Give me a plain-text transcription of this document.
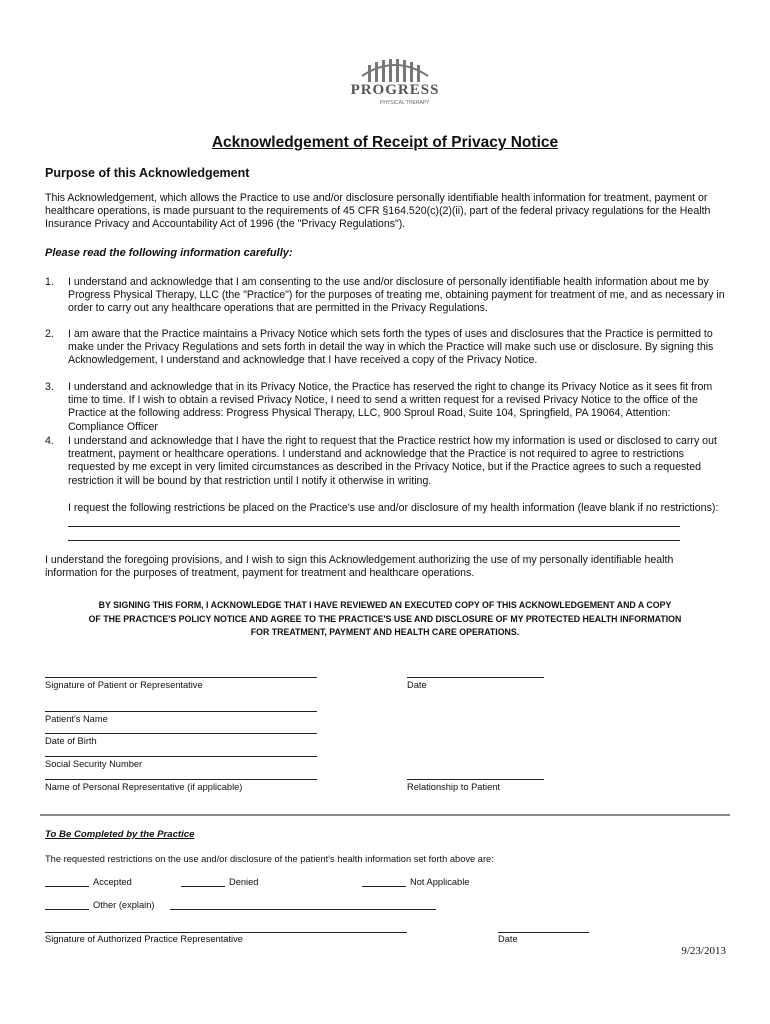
PROGRESS
PHYSICAL THERAPY
Acknowledgement of Receipt of Privacy Notice
Purpose of this Acknowledgement
This Acknowledgement, which allows the Practice to use and/or disclosure personally identifiable health information for treatment, payment or healthcare operations, is made pursuant to the requirements of 45 CFR §164.520(c)(2)(ii), part of the federal privacy regulations for the Health Insurance Privacy and Accountability Act of 1996 (the "Privacy Regulations").
Please read the following information carefully:
1. I understand and acknowledge that I am consenting to the use and/or disclosure of personally identifiable health information about me by Progress Physical Therapy, LLC (the "Practice") for the purposes of treating me, obtaining payment for treatment of me, and as necessary in order to carry out any healthcare operations that are permitted in the Privacy Regulations.
2. I am aware that the Practice maintains a Privacy Notice which sets forth the types of uses and disclosures that the Practice is permitted to make under the Privacy Regulations and sets forth in detail the way in which the Practice will make such use or disclosure. By signing this Acknowledgement, I understand and acknowledge that I have received a copy of the Privacy Notice.
3. I understand and acknowledge that in its Privacy Notice, the Practice has reserved the right to change its Privacy Notice as it sees fit from time to time. If I wish to obtain a revised Privacy Notice, I need to send a written request for a revised Privacy Notice to the office of the Practice at the following address: Progress Physical Therapy, LLC, 900 Sproul Road, Suite 104, Springfield, PA 19064, Attention: Compliance Officer
4. I understand and acknowledge that I have the right to request that the Practice restrict how my information is used or disclosed to carry out treatment, payment or healthcare operations. I understand and acknowledge that the Practice is not required to agree to restrictions requested by me except in very limited circumstances as described in the Privacy Notice, but if the Practice agrees to such a requested restriction it will be bound by that restriction until I notify it otherwise in writing.
I request the following restrictions be placed on the Practice's use and/or disclosure of my health information (leave blank if no restrictions):
I understand the foregoing provisions, and I wish to sign this Acknowledgement authorizing the use of my personally identifiable health information for the purposes of treatment, payment for treatment and healthcare operations.
BY SIGNING THIS FORM, I ACKNOWLEDGE THAT I HAVE REVIEWED AN EXECUTED COPY OF THIS ACKNOWLEDGEMENT AND A COPY
OF THE PRACTICE'S POLICY NOTICE AND AGREE TO THE PRACTICE'S USE AND DISCLOSURE OF MY PROTECTED HEALTH INFORMATION
FOR TREATMENT, PAYMENT AND HEALTH CARE OPERATIONS.
Signature of Patient or Representative	Date
Patient's Name
Date of Birth
Social Security Number
Name of Personal Representative (if applicable)	Relationship to Patient
To Be Completed by the Practice
The requested restrictions on the use and/or disclosure of the patient's health information set forth above are:
Accepted	Denied	Not Applicable
Other (explain)
Signature of Authorized Practice Representative	Date
9/23/2013
